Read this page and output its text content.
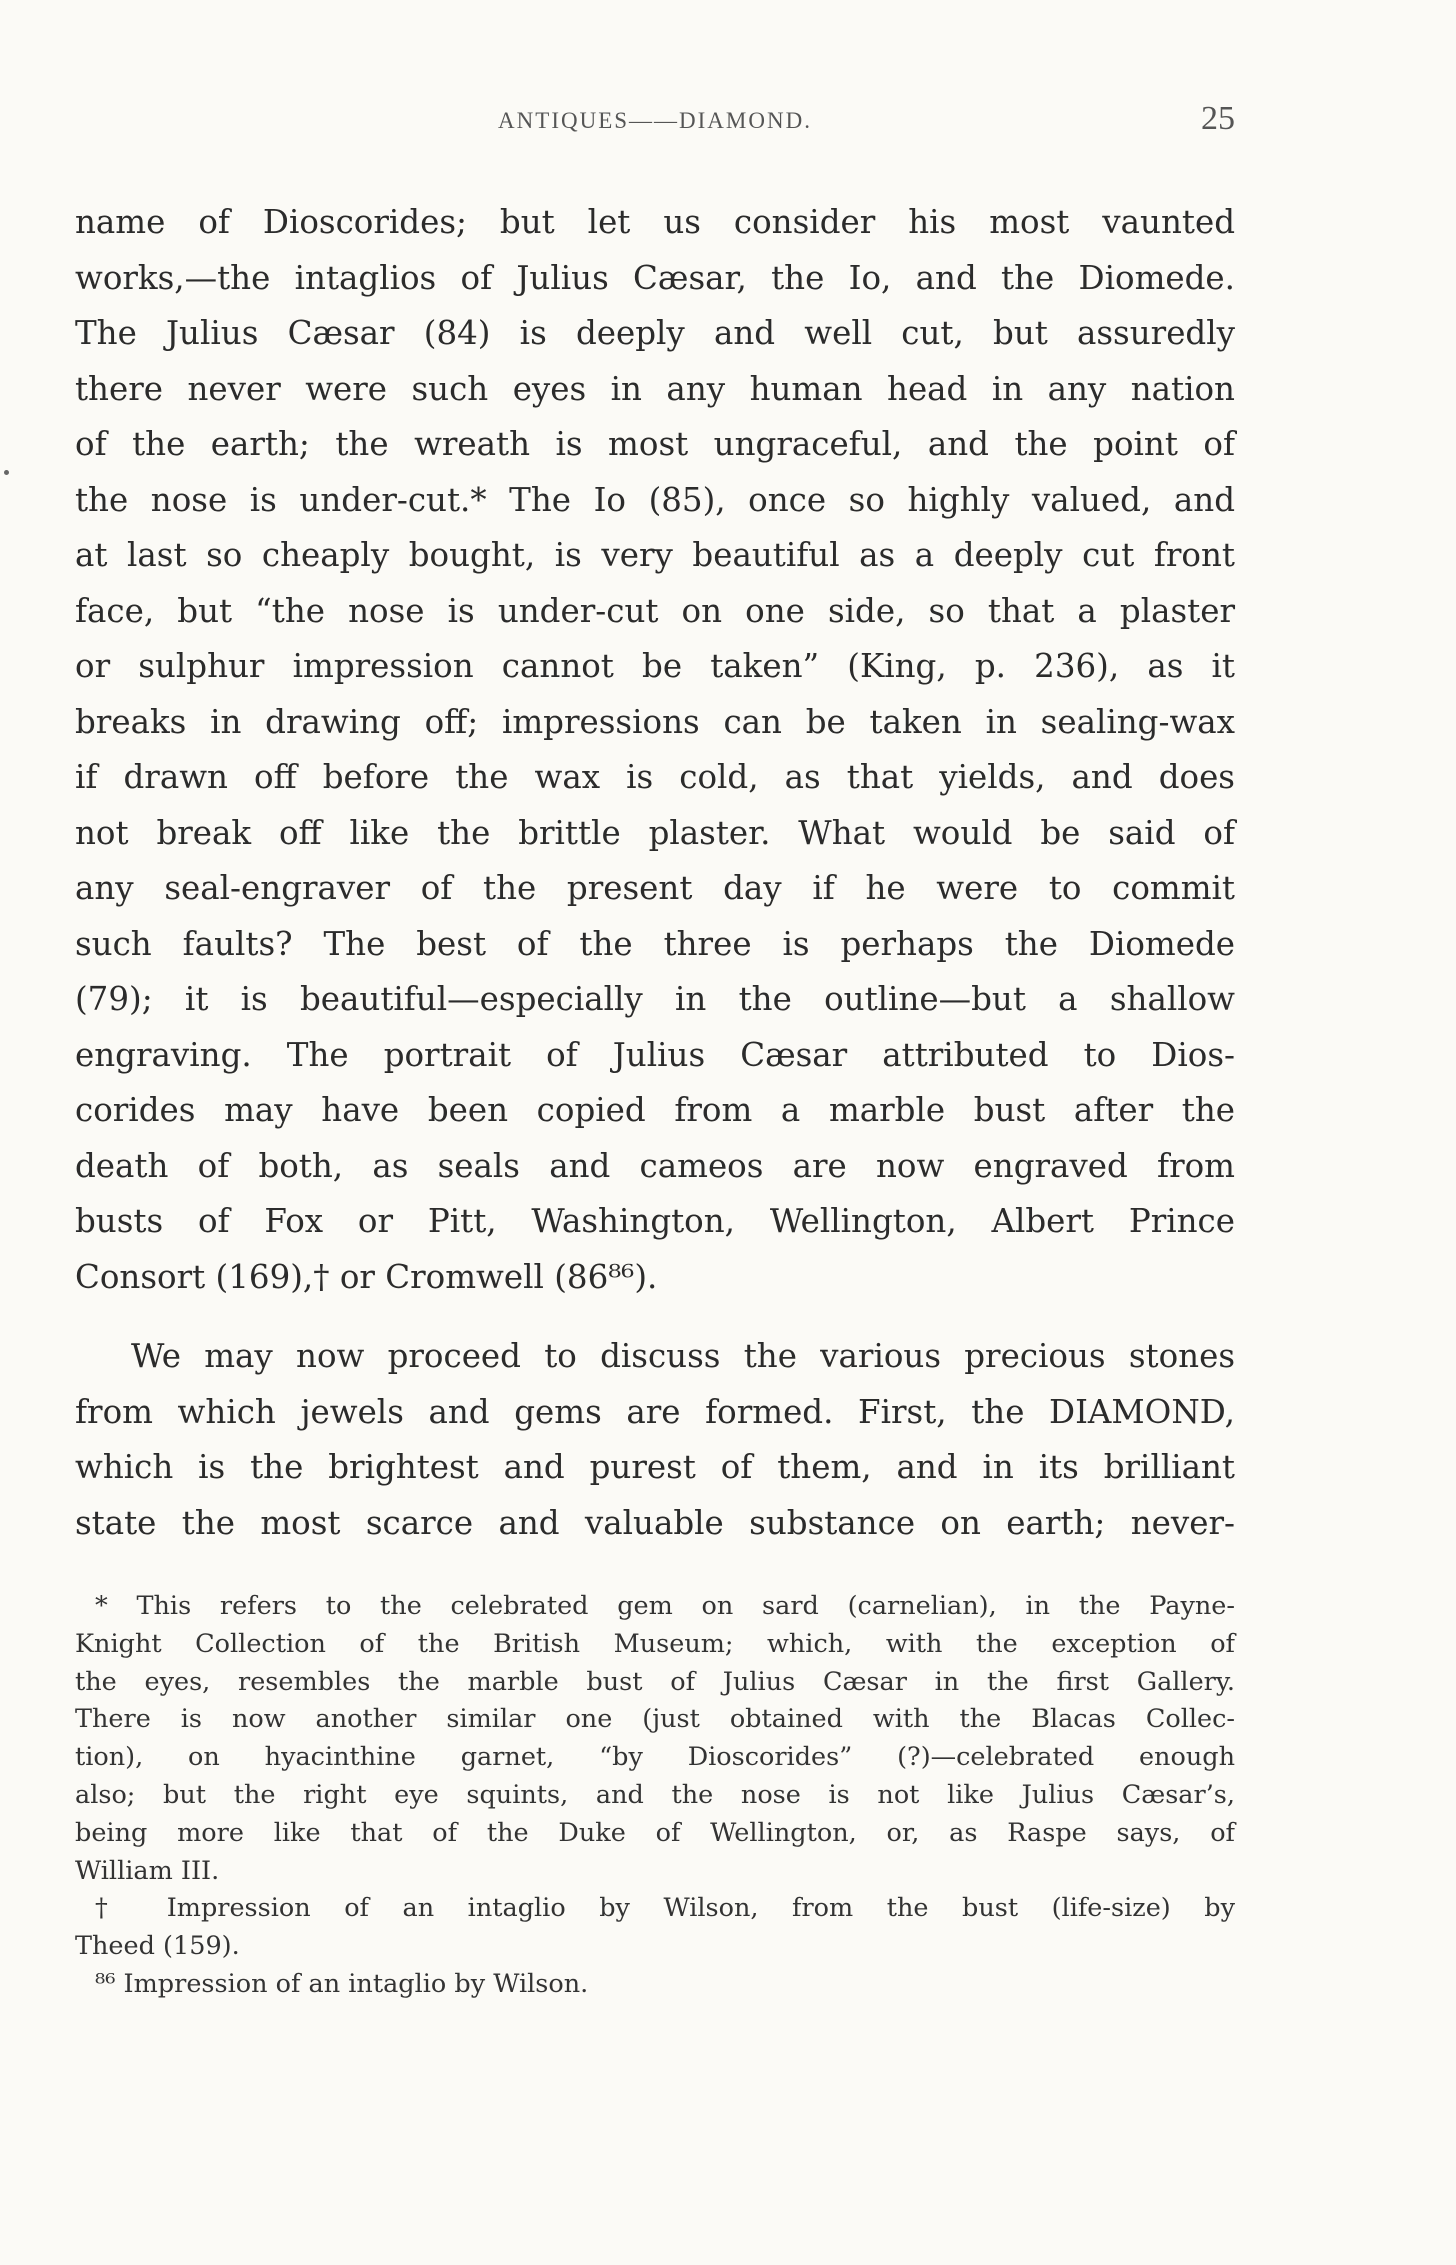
ANTIQUES——DIAMOND.	25
name of Dioscorides; but let us consider his most vaunted
works,—the intaglios of Julius Cæsar, the Io, and the Diomede.
The Julius Cæsar (84) is deeply and well cut, but assuredly
there never were such eyes in any human head in any nation
of the earth; the wreath is most ungraceful, and the point of
the nose is under-cut.* The Io (85), once so highly valued, and
at last so cheaply bought, is very beautiful as a deeply cut front
face, but “the nose is under-cut on one side, so that a plaster
or sulphur impression cannot be taken” (King, p. 236), as it
breaks in drawing off; impressions can be taken in sealing-wax
if drawn off before the wax is cold, as that yields, and does
not break off like the brittle plaster. What would be said of
any seal-engraver of the present day if he were to commit
such faults? The best of the three is perhaps the Diomede
(79); it is beautiful—especially in the outline—but a shallow
engraving. The portrait of Julius Cæsar attributed to Dios-
corides may have been copied from a marble bust after the
death of both, as seals and cameos are now engraved from
busts of Fox or Pitt, Washington, Wellington, Albert Prince
Consort (169),† or Cromwell (86⁸⁶).
We may now proceed to discuss the various precious stones
from which jewels and gems are formed. First, the DIAMOND,
which is the brightest and purest of them, and in its brilliant
state the most scarce and valuable substance on earth; never-
* This refers to the celebrated gem on sard (carnelian), in the Payne-
Knight Collection of the British Museum; which, with the exception of
the eyes, resembles the marble bust of Julius Cæsar in the first Gallery.
There is now another similar one (just obtained with the Blacas Collec-
tion), on hyacinthine garnet, “by Dioscorides” (?)—celebrated enough
also; but the right eye squints, and the nose is not like Julius Cæsar’s,
being more like that of the Duke of Wellington, or, as Raspe says, of
William III.
† Impression of an intaglio by Wilson, from the bust (life-size) by
Theed (159).
⁸⁶ Impression of an intaglio by Wilson.
